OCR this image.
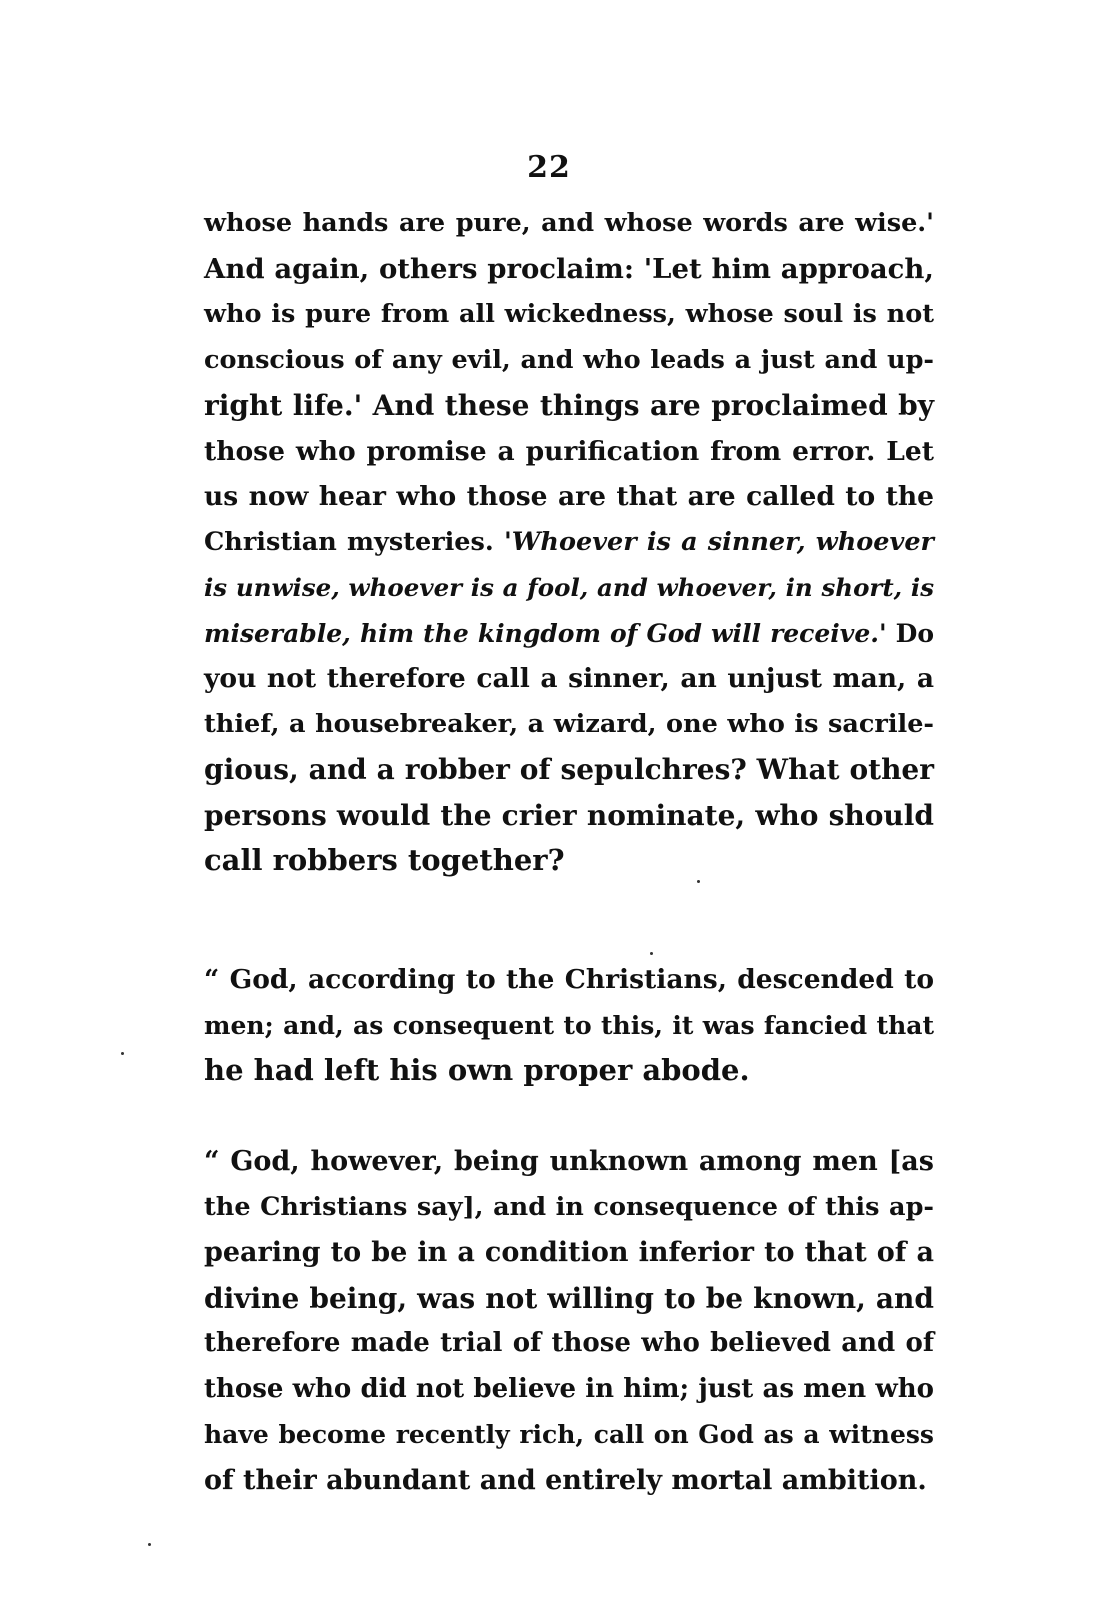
22
whose hands are pure, and whose words are wise.'
And again, others proclaim: 'Let him approach,
who is pure from all wickedness, whose soul is not
conscious of any evil, and who leads a just and up-
right life.' And these things are proclaimed by
those who promise a purification from error. Let
us now hear who those are that are called to the
Christian mysteries. 'Whoever is a sinner, whoever
is unwise, whoever is a fool, and whoever, in short, is
miserable, him the kingdom of God will receive.' Do
you not therefore call a sinner, an unjust man, a
thief, a housebreaker, a wizard, one who is sacrile-
gious, and a robber of sepulchres? What other
persons would the crier nominate, who should
call robbers together?
“ God, according to the Christians, descended to
men; and, as consequent to this, it was fancied that
he had left his own proper abode.
“ God, however, being unknown among men [as
the Christians say], and in consequence of this ap-
pearing to be in a condition inferior to that of a
divine being, was not willing to be known, and
therefore made trial of those who believed and of
those who did not believe in him; just as men who
have become recently rich, call on God as a witness
of their abundant and entirely mortal ambition.
